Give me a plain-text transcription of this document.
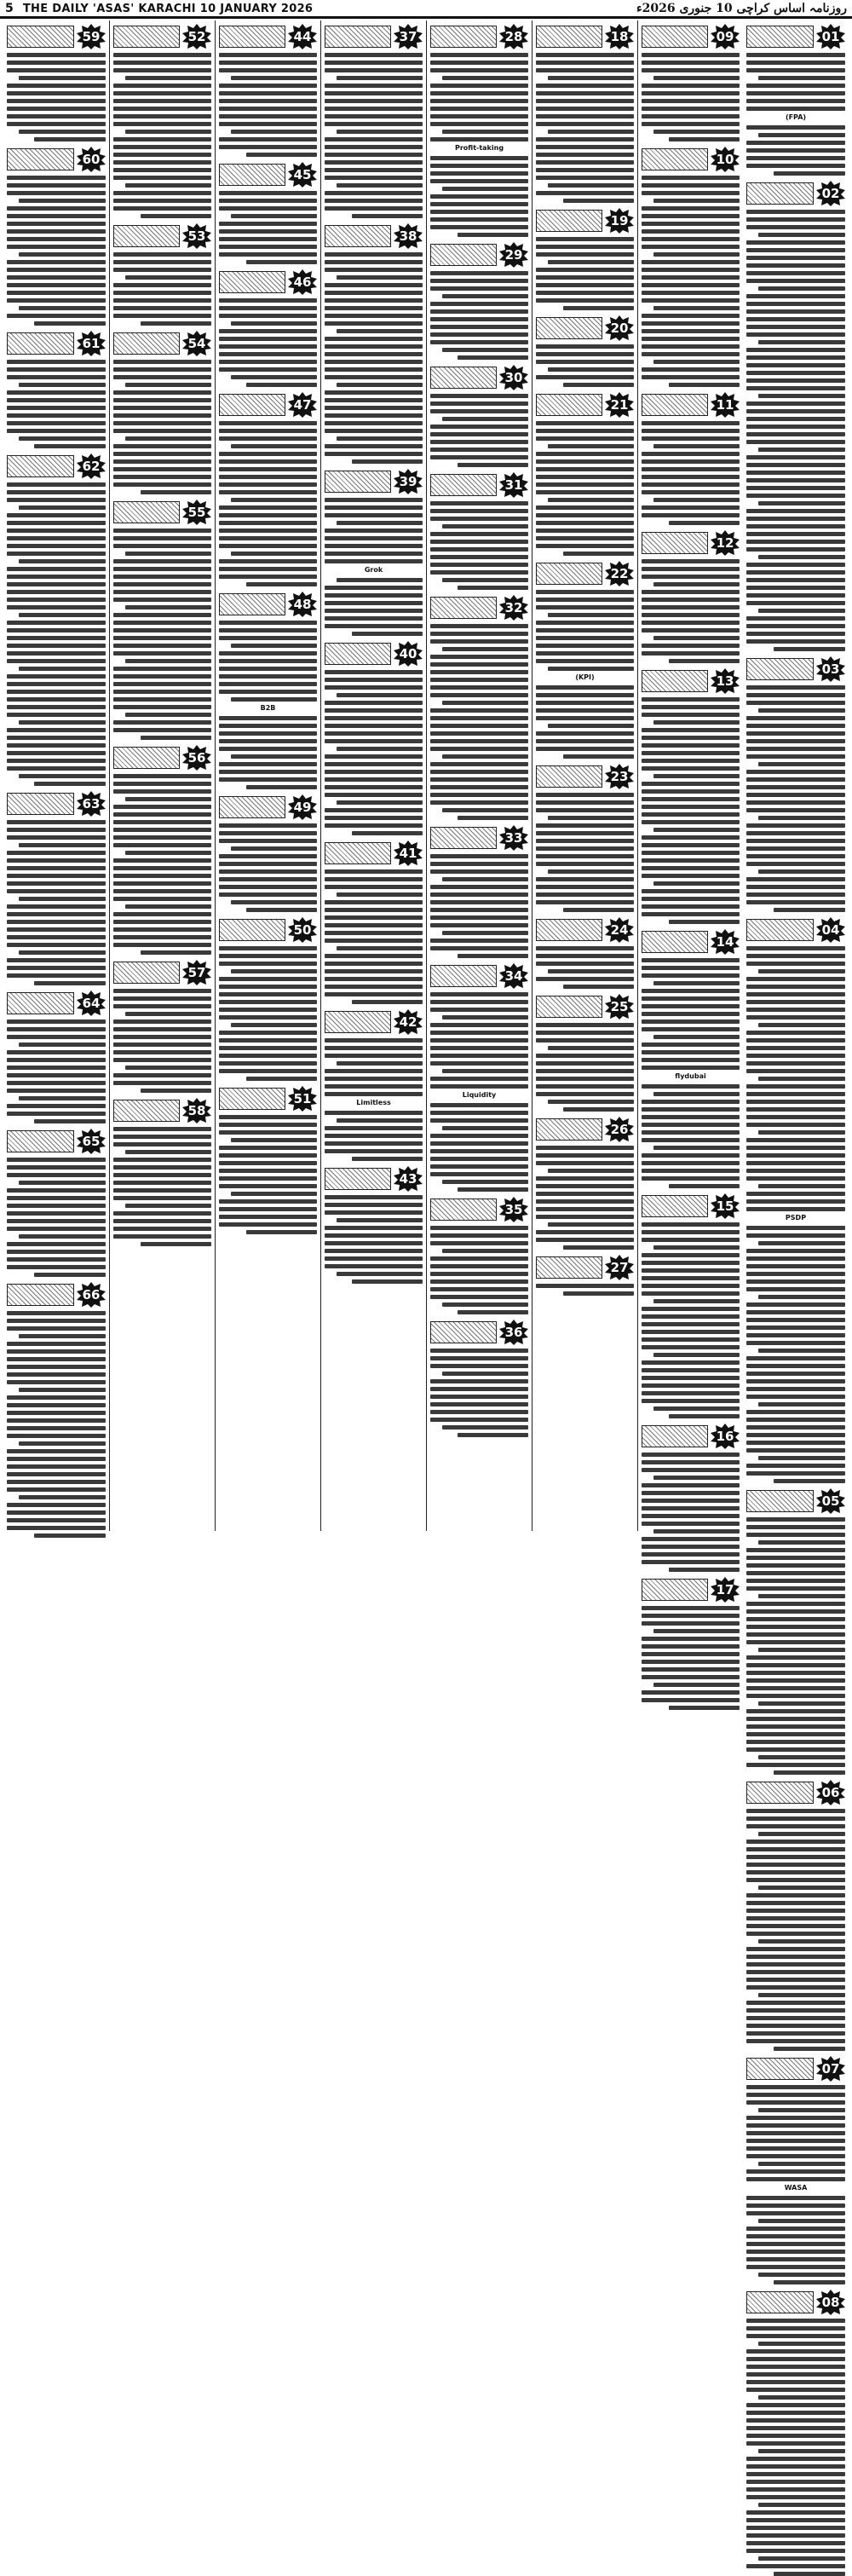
5 THE DAILY 'ASAS' KARACHI 10 JANUARY 2026	روزنامہ اساس کراچی 10 جنوری 2026ء
01
(FPA)
02
03
04
PSDP
05
06
07
WASA
08
09
10
11
12
13
14
flydubai
15
16
17
18
19
20
21
22
(KPI)
23
24
25
26
27
28
Profit-taking
29
30
31
32
33
34
Liquidity
35
36
37
38
39
Grok
40
41
42
Limitless
43
44
45
46
47
48
B2B
49
50
51
52
53
54
55
56
57
58
59
60
61
62
63
64
65
66
